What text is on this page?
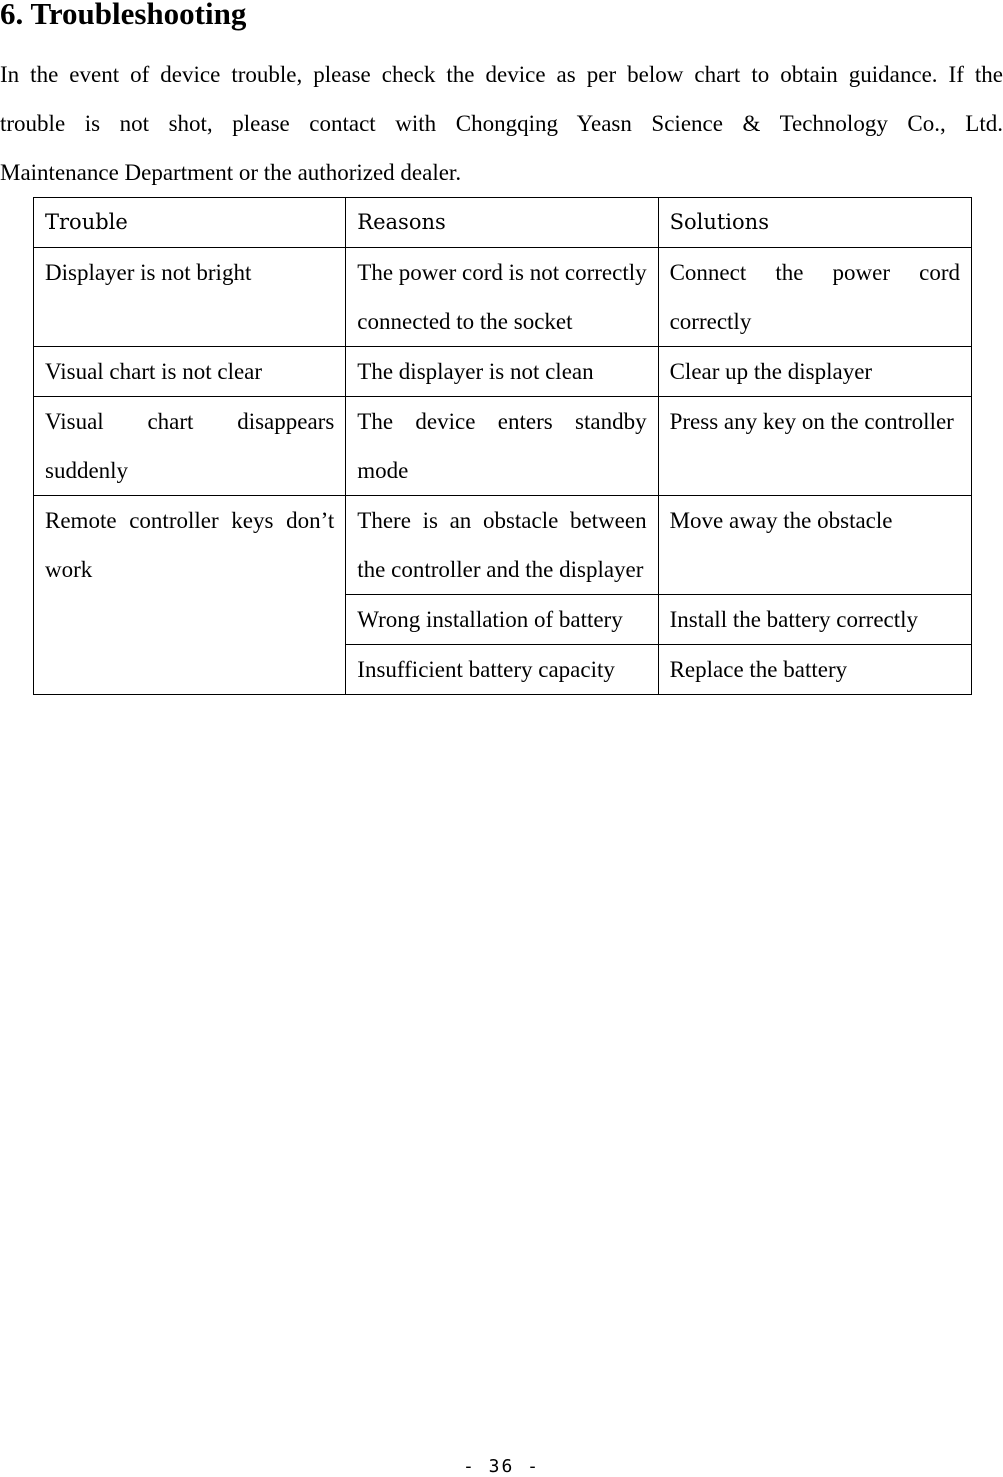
6. Troubleshooting

In the event of device trouble, please check the device as per below chart to obtain guidance. If the
trouble is not shot, please contact with Chongqing Yeasn Science & Technology Co., Ltd.
Maintenance Department or the authorized dealer.

Trouble	Reasons	Solutions

Displayer is not bright	The power cord is not correctly connected to the socket	Connect the power cord correctly

Visual chart is not clear	The displayer is not clean	Clear up the displayer

Visual chart disappears suddenly	The device enters standby mode	Press any key on the controller

Remote controller keys don’t work	There is an obstacle between the controller and the displayer	Move away the obstacle

	Wrong installation of battery	Install the battery correctly

	Insufficient battery capacity	Replace the battery
- 36 -
